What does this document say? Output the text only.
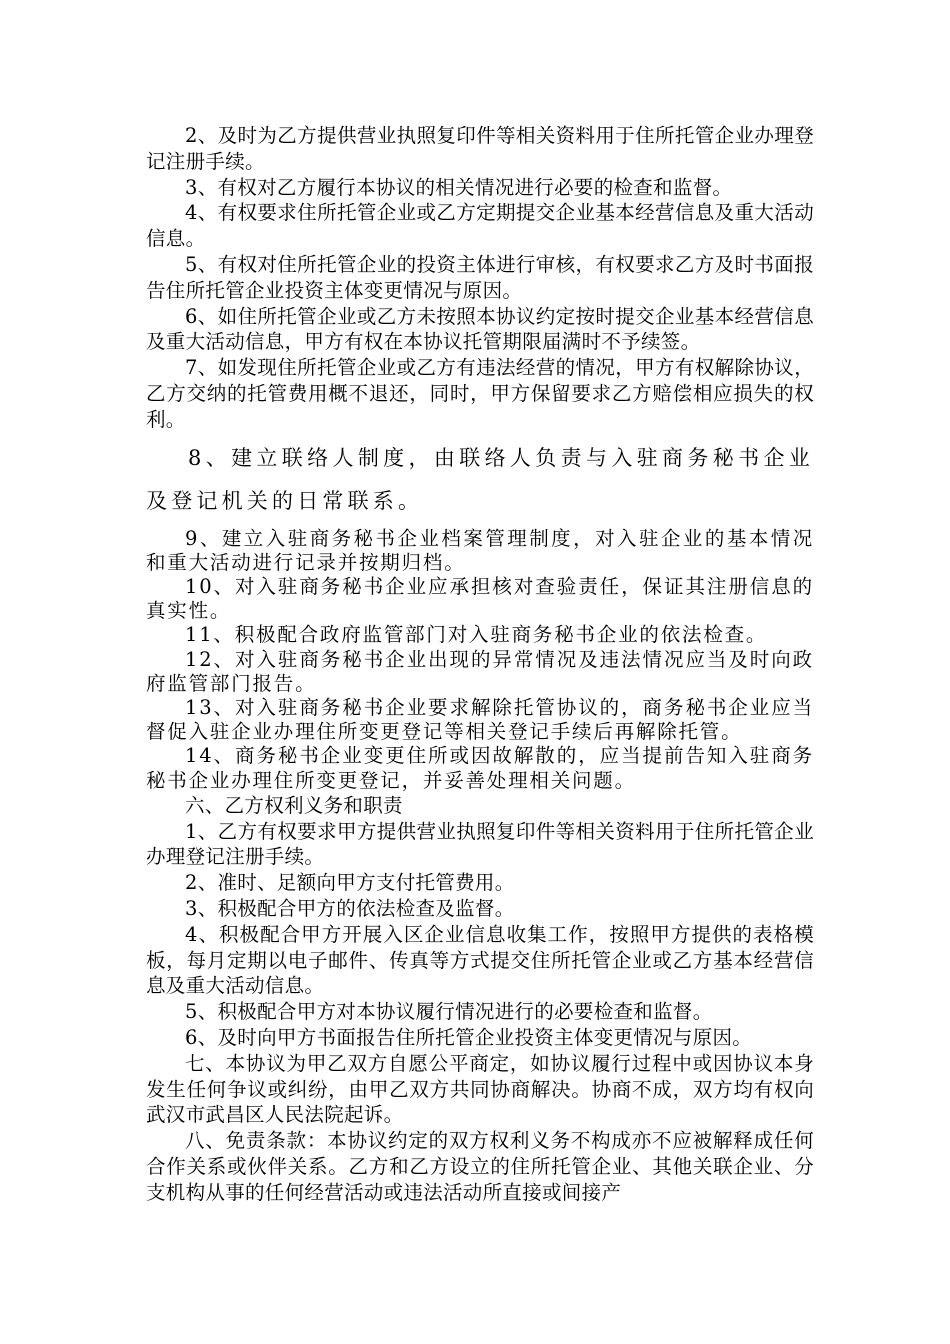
2、及时为乙方提供营业执照复印件等相关资料用于住所托管企业办理登记注册手续。

3、有权对乙方履行本协议的相关情况进行必要的检查和监督。

4、有权要求住所托管企业或乙方定期提交企业基本经营信息及重大活动信息。

5、有权对住所托管企业的投资主体进行审核，有权要求乙方及时书面报告住所托管企业投资主体变更情况与原因。

6、如住所托管企业或乙方未按照本协议约定按时提交企业基本经营信息及重大活动信息，甲方有权在本协议托管期限届满时不予续签。

7、如发现住所托管企业或乙方有违法经营的情况，甲方有权解除协议，乙方交纳的托管费用概不退还，同时，甲方保留要求乙方赔偿相应损失的权利。

8、建立联络人制度，由联络人负责与入驻商务秘书企业及登记机关的日常联系。

9、建立入驻商务秘书企业档案管理制度，对入驻企业的基本情况和重大活动进行记录并按期归档。

10、对入驻商务秘书企业应承担核对查验责任，保证其注册信息的真实性。

11、积极配合政府监管部门对入驻商务秘书企业的依法检查。

12、对入驻商务秘书企业出现的异常情况及违法情况应当及时向政府监管部门报告。

13、对入驻商务秘书企业要求解除托管协议的，商务秘书企业应当督促入驻企业办理住所变更登记等相关登记手续后再解除托管。

14、商务秘书企业变更住所或因故解散的，应当提前告知入驻商务秘书企业办理住所变更登记，并妥善处理相关问题。

六、乙方权利义务和职责

1、乙方有权要求甲方提供营业执照复印件等相关资料用于住所托管企业办理登记注册手续。

2、准时、足额向甲方支付托管费用。

3、积极配合甲方的依法检查及监督。

4、积极配合甲方开展入区企业信息收集工作，按照甲方提供的表格模板，每月定期以电子邮件、传真等方式提交住所托管企业或乙方基本经营信息及重大活动信息。

5、积极配合甲方对本协议履行情况进行的必要检查和监督。

6、及时向甲方书面报告住所托管企业投资主体变更情况与原因。

七、本协议为甲乙双方自愿公平商定，如协议履行过程中或因协议本身发生任何争议或纠纷，由甲乙双方共同协商解决。协商不成，双方均有权向武汉市武昌区人民法院起诉。

八、免责条款：本协议约定的双方权利义务不构成亦不应被解释成任何合作关系或伙伴关系。乙方和乙方设立的住所托管企业、其他关联企业、分支机构从事的任何经营活动或违法活动所直接或间接产
